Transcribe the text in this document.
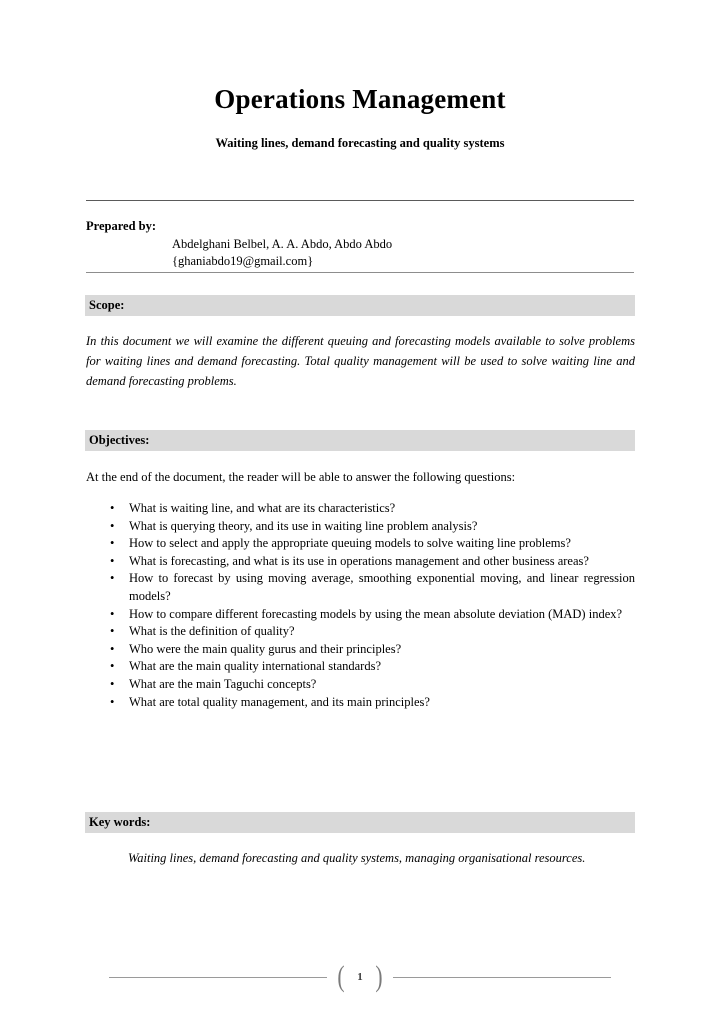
Operations Management
Waiting lines, demand forecasting and quality systems
Prepared by:
Abdelghani Belbel, A. A. Abdo, Abdo Abdo
{ghaniabdo19@gmail.com}
Scope:
In this document we will examine the different queuing and forecasting models available to solve problems for waiting lines and demand forecasting. Total quality management will be used to solve waiting line and demand forecasting problems.
Objectives:
At the end of the document, the reader will be able to answer the following questions:
• What is waiting line, and what are its characteristics?
• What is querying theory, and its use in waiting line problem analysis?
• How to select and apply the appropriate queuing models to solve waiting line problems?
• What is forecasting, and what is its use in operations management and other business areas?
• How to forecast by using moving average, smoothing exponential moving, and linear regression models?
• How to compare different forecasting models by using the mean absolute deviation (MAD) index?
• What is the definition of quality?
• Who were the main quality gurus and their principles?
• What are the main quality international standards?
• What are the main Taguchi concepts?
• What are total quality management, and its main principles?
Key words:
Waiting lines, demand forecasting and quality systems, managing organisational resources.
(	1 )
